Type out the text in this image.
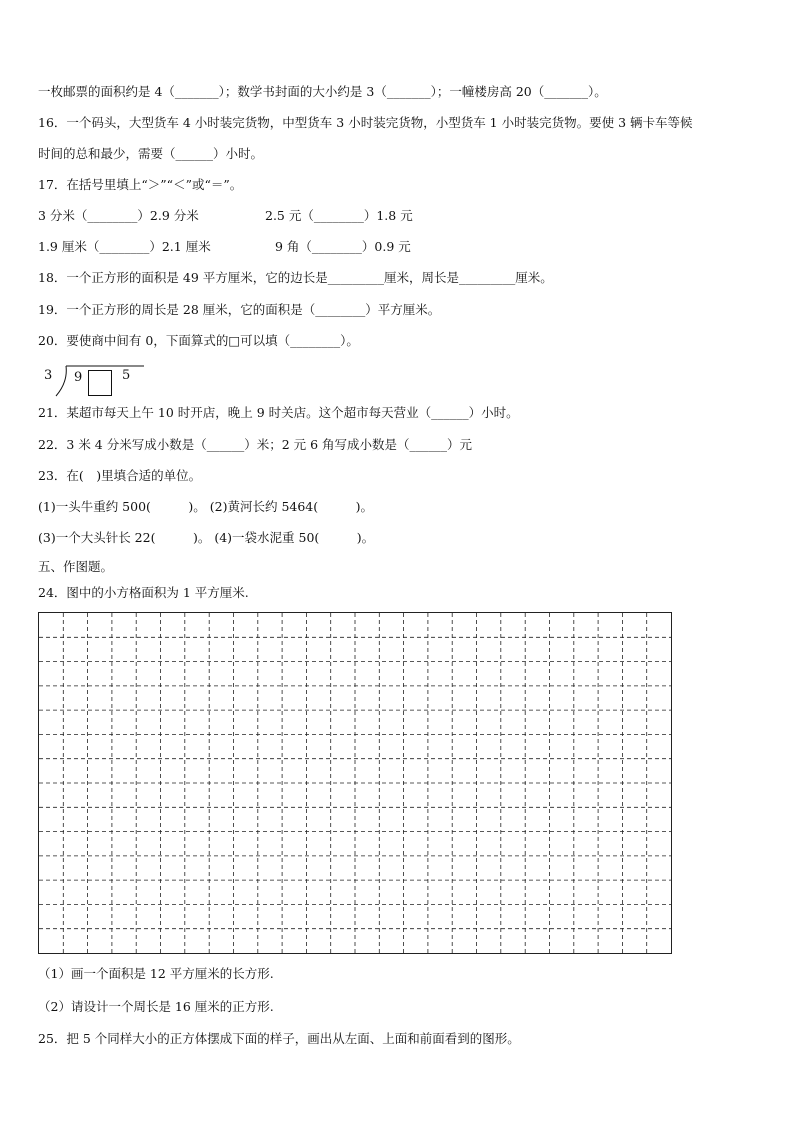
一枚邮票的面积约是 4（_______）；数学书封面的大小约是 3（_______）；一幢楼房高 20（_______）。
16．一个码头，大型货车 4 小时装完货物，中型货车 3 小时装完货物，小型货车 1 小时装完货物。要使 3 辆卡车等候
时间的总和最少，需要（______）小时。
17．在括号里填上“＞”“＜”或“＝”。
3 分米（________）2.9 分米	2.5 元（________）1.8 元
1.9 厘米（________）2.1 厘米	9 角（________）0.9 元
18．一个正方形的面积是 49 平方厘米，它的边长是_________厘米，周长是_________厘米。
19．一个正方形的周长是 28 厘米，它的面积是（________）平方厘米。
20．要使商中间有 0，下面算式的□可以填（________）。
3 9	5
21．某超市每天上午 10 时开店，晚上 9 时关店。这个超市每天营业（______）小时。
22．3 米 4 分米写成小数是（______）米；2 元 6 角写成小数是（______）元
23．在(　)里填合适的单位。
(1)一头牛重约 500(　　　)。 (2)黄河长约 5464(　　　)。
(3)一个大头针长 22(　　　)。 (4)一袋水泥重 50(　　　)。
五、作图题。
24．图中的小方格面积为 1 平方厘米.
（1）画一个面积是 12 平方厘米的长方形.
（2）请设计一个周长是 16 厘米的正方形.
25．把 5 个同样大小的正方体摆成下面的样子，画出从左面、上面和前面看到的图形。
